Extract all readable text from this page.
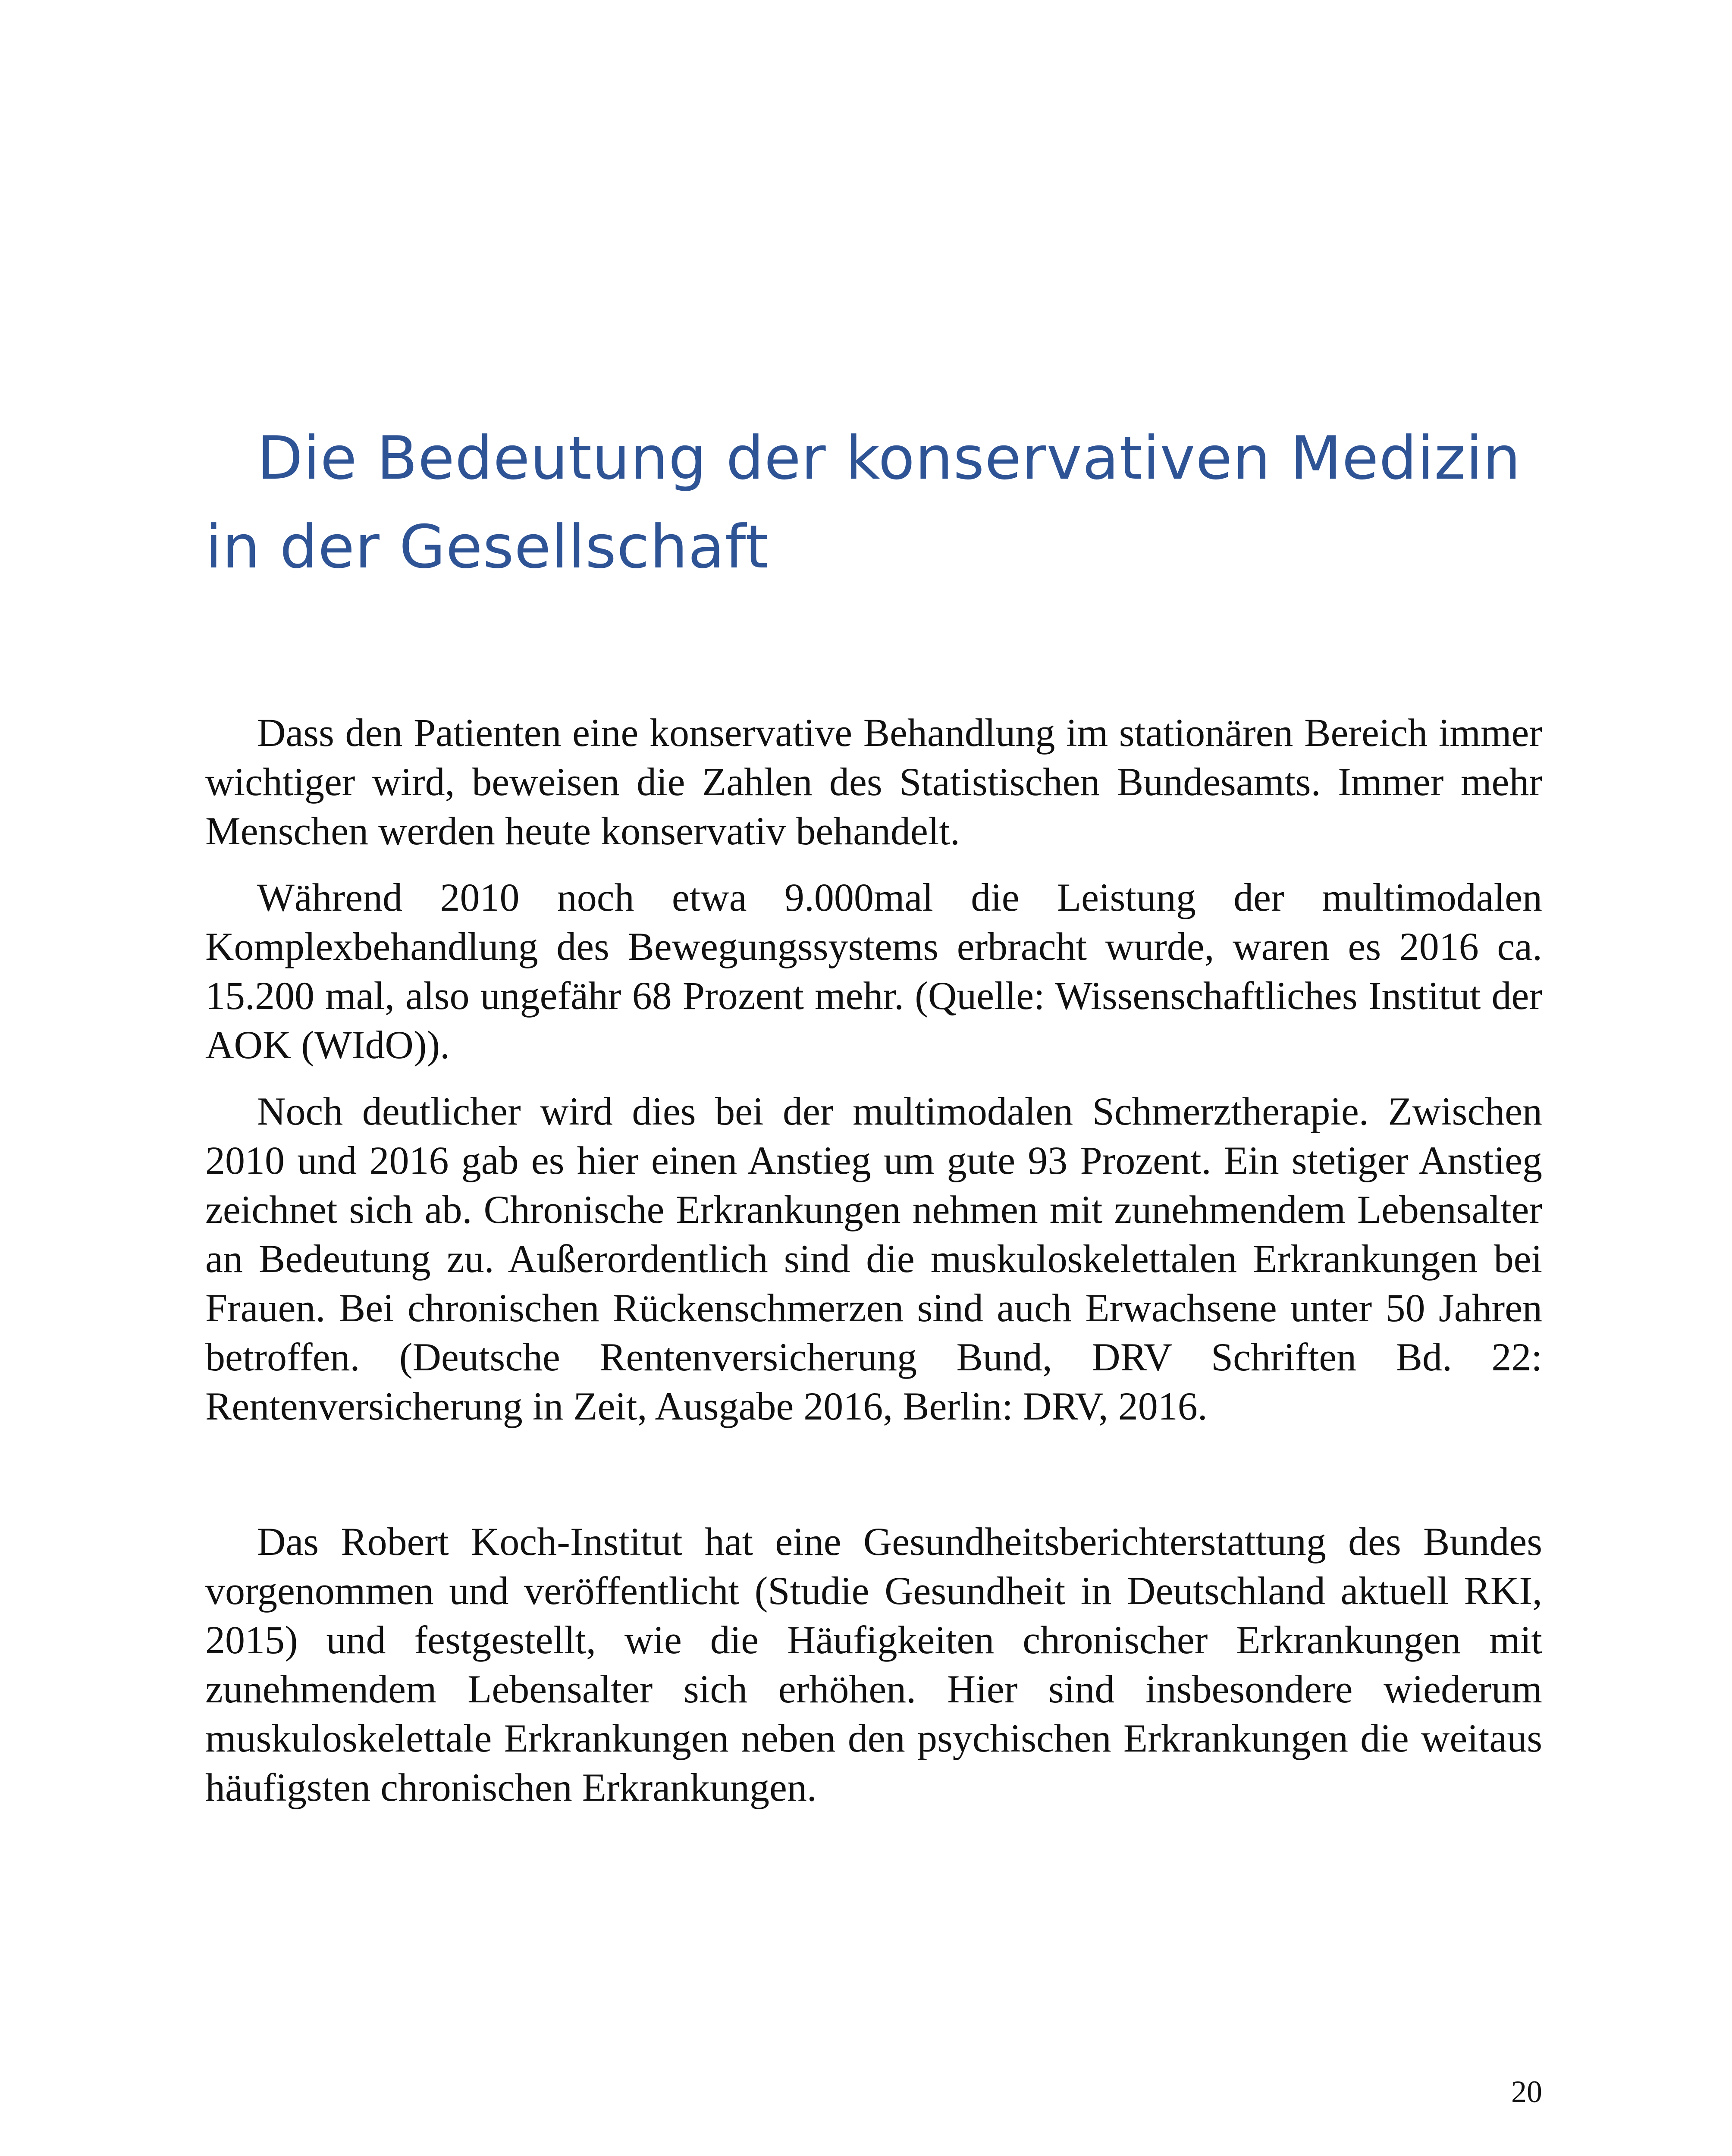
Die Bedeutung der konservativen Medizin in der Gesellschaft

Dass den Patienten eine konservative Behandlung im stationären Bereich immer wichtiger wird, beweisen die Zahlen des Statistischen Bundesamts. Immer mehr Menschen werden heute konservativ behandelt.

Während 2010 noch etwa 9.000mal die Leistung der multimodalen Komplexbehandlung des Bewegungssystems erbracht wurde, waren es 2016 ca. 15.200 mal, also ungefähr 68 Prozent mehr. (Quelle: Wissenschaftliches Institut der AOK (WIdO)).

Noch deutlicher wird dies bei der multimodalen Schmerztherapie. Zwischen 2010 und 2016 gab es hier einen Anstieg um gute 93 Prozent. Ein stetiger Anstieg zeichnet sich ab. Chronische Erkrankungen nehmen mit zunehmendem Lebensalter an Bedeutung zu. Außerordentlich sind die muskuloskelettalen Erkrankungen bei Frauen. Bei chronischen Rückenschmerzen sind auch Erwachsene unter 50 Jahren betroffen. (Deutsche Rentenversicherung Bund, DRV Schriften Bd. 22: Rentenversicherung in Zeit, Ausgabe 2016, Berlin: DRV, 2016.

Das Robert Koch-Institut hat eine Gesundheitsberichterstattung des Bundes vorgenommen und veröffentlicht (Studie Gesundheit in Deutschland aktuell RKI, 2015) und festgestellt, wie die Häufigkeiten chronischer Erkrankungen mit zunehmendem Lebensalter sich erhöhen. Hier sind insbesondere wiederum muskuloskelettale Erkrankungen neben den psychischen Erkrankungen die weitaus häufigsten chronischen Erkrankungen.

20
